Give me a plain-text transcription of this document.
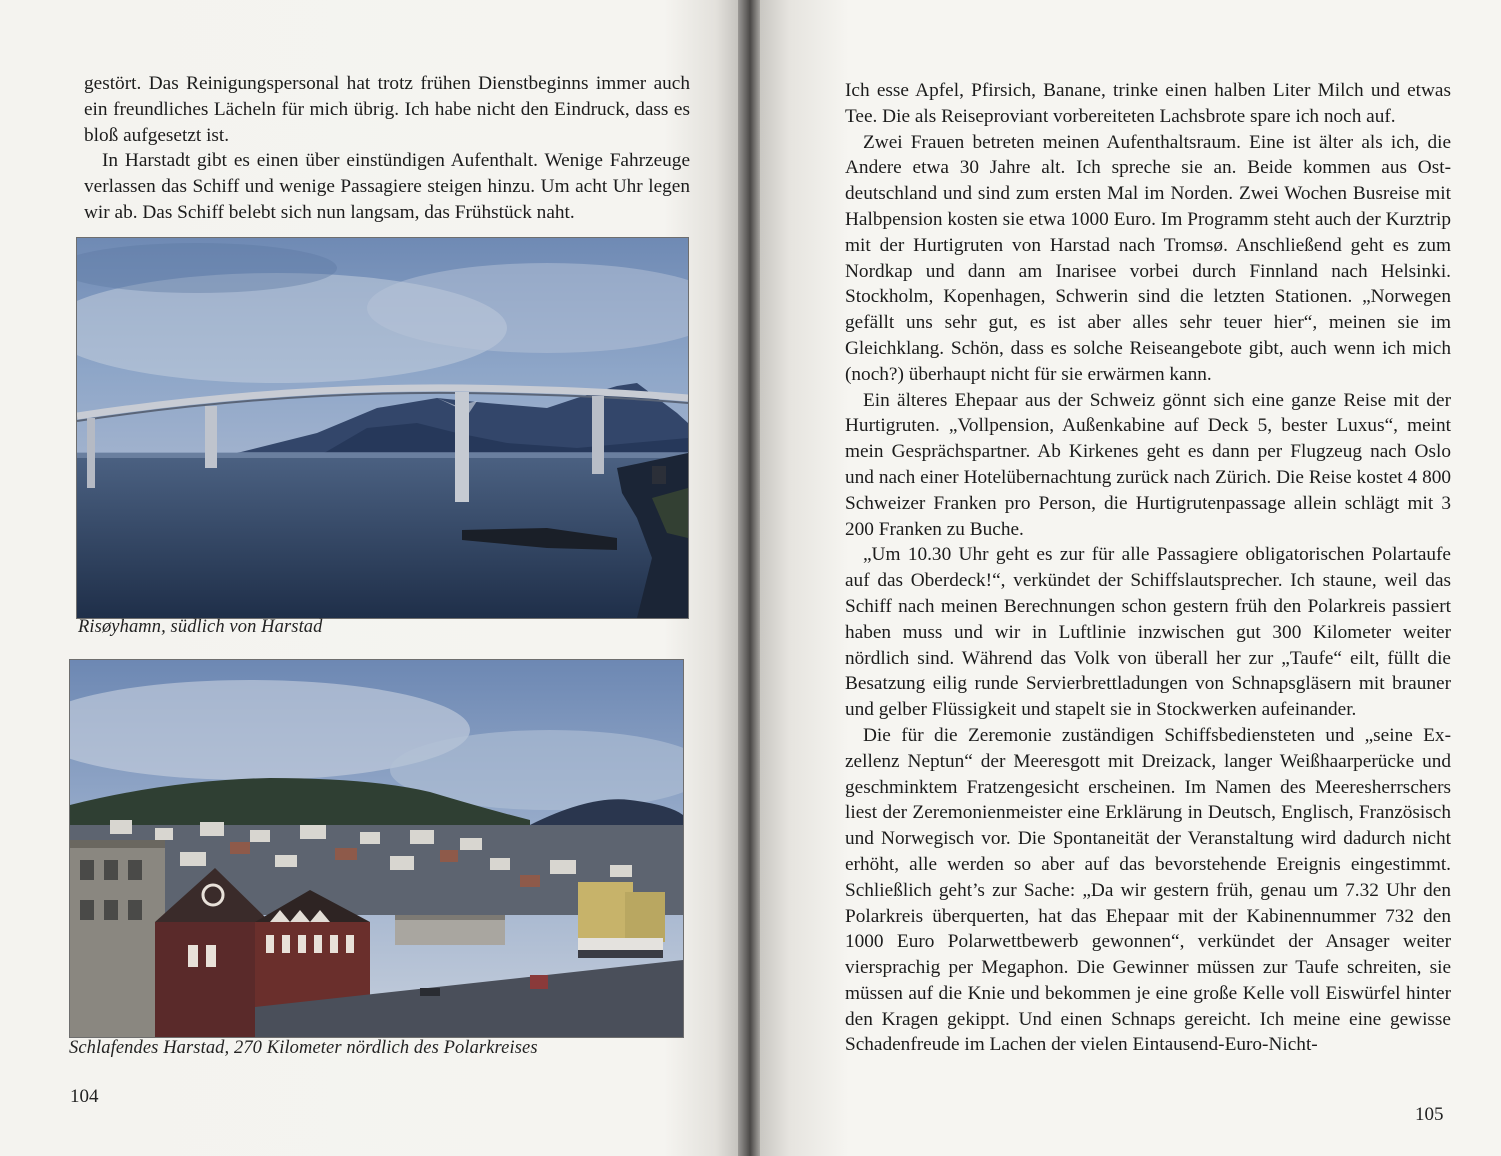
gestört. Das Reinigungspersonal hat trotz frühen Dienstbeginns immer auch ein freundliches Lächeln für mich übrig. Ich habe nicht den Eindruck, dass es bloß aufgesetzt ist.

In Harstadt gibt es einen über einstündigen Aufenthalt. Wenige Fahrzeuge verlassen das Schiff und wenige Passagiere steigen hinzu. Um acht Uhr legen wir ab. Das Schiff belebt sich nun langsam, das Frühstück naht.

Risøyhamn, südlich von Harstad
Schlafendes Harstad, 270 Kilometer nördlich des Polarkreises
104

Ich esse Apfel, Pfirsich, Banane, trinke einen halben Liter Milch und etwas Tee. Die als Reiseproviant vorbereiteten Lachsbrote spare ich noch auf.

Zwei Frauen betreten meinen Aufenthaltsraum. Eine ist älter als ich, die Andere etwa 30 Jahre alt. Ich spreche sie an. Beide kommen aus Ostdeutschland und sind zum ersten Mal im Norden. Zwei Wochen Busreise mit Halbpension kosten sie etwa 1000 Euro. Im Programm steht auch der Kurztrip mit der Hurtigruten von Harstad nach Tromsø. Anschließend geht es zum Nordkap und dann am Inarisee vorbei durch Finnland nach Helsinki. Stockholm, Kopenhagen, Schwerin sind die letzten Stationen. „Norwegen gefällt uns sehr gut, es ist aber alles sehr teuer hier“, meinen sie im Gleichklang. Schön, dass es solche Reiseangebote gibt, auch wenn ich mich (noch?) überhaupt nicht für sie erwärmen kann.

Ein älteres Ehepaar aus der Schweiz gönnt sich eine ganze Reise mit der Hurtigruten. „Vollpension, Außenkabine auf Deck 5, bester Luxus“, meint mein Gesprächspartner. Ab Kirkenes geht es dann per Flugzeug nach Oslo und nach einer Hotelübernachtung zurück nach Zürich. Die Reise kostet 4 800 Schweizer Franken pro Person, die Hurtigrutenpassage allein schlägt mit 3 200 Franken zu Buche.

„Um 10.30 Uhr geht es zur für alle Passagiere obligatorischen Polartaufe auf das Oberdeck!“, verkündet der Schiffslautsprecher. Ich staune, weil das Schiff nach meinen Berechnungen schon gestern früh den Polarkreis passiert haben muss und wir in Luftlinie inzwischen gut 300 Kilometer weiter nördlich sind. Während das Volk von überall her zur „Taufe“ eilt, füllt die Besatzung eilig runde Servierbrettladungen von Schnapsgläsern mit brauner und gelber Flüssigkeit und stapelt sie in Stockwerken aufeinander.

Die für die Zeremonie zuständigen Schiffsbediensteten und „seine Exzellenz Neptun“ der Meeresgott mit Dreizack, langer Weißhaarperücke und geschminktem Fratzengesicht erscheinen. Im Namen des Meeresherrschers liest der Zeremonienmeister eine Erklärung in Deutsch, Englisch, Französisch und Norwegisch vor. Die Spontaneität der Veranstaltung wird dadurch nicht erhöht, alle werden so aber auf das bevorstehende Ereignis eingestimmt. Schließlich geht’s zur Sache: „Da wir gestern früh, genau um 7.32 Uhr den Polarkreis überquerten, hat das Ehepaar mit der Kabinennummer 732 den 1000 Euro Polarwettbewerb gewonnen“, verkündet der Ansager weiter viersprachig per Megaphon. Die Gewinner müssen zur Taufe schreiten, sie müssen auf die Knie und bekommen je eine große Kelle voll Eiswürfel hinter den Kragen gekippt. Und einen Schnaps gereicht. Ich meine eine gewisse Schadenfreude im Lachen der vielen Eintausend-Euro-Nicht-

105
